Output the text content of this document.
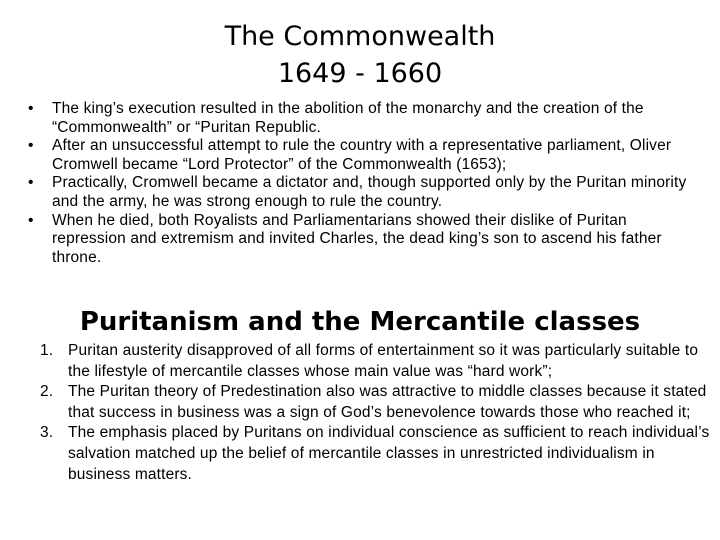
The Commonwealth
1649 - 1660
•	The king’s execution resulted in the abolition of the monarchy and the creation of the “Commonwealth” or “Puritan Republic.
•	After an unsuccessful attempt to rule the country with a representative parliament, Oliver Cromwell became “Lord Protector” of the Commonwealth (1653);
•	Practically, Cromwell became a dictator and, though supported only by the Puritan minority and the army, he was strong enough to rule the country.
•	When he died, both Royalists and Parliamentarians showed their dislike of Puritan repression and extremism and invited Charles, the dead king’s son to ascend his father throne.
Puritanism and the Mercantile classes
1. Puritan austerity disapproved of all forms of entertainment so it was particularly suitable to the lifestyle of mercantile classes whose main value was “hard work”;
2. The Puritan theory of Predestination also was attractive to middle classes because it stated that success in business was a sign of God’s benevolence towards those who reached it;
3. The emphasis placed by Puritans on individual conscience as sufficient to reach individual’s salvation matched up the belief of mercantile classes in unrestricted individualism in business matters.
